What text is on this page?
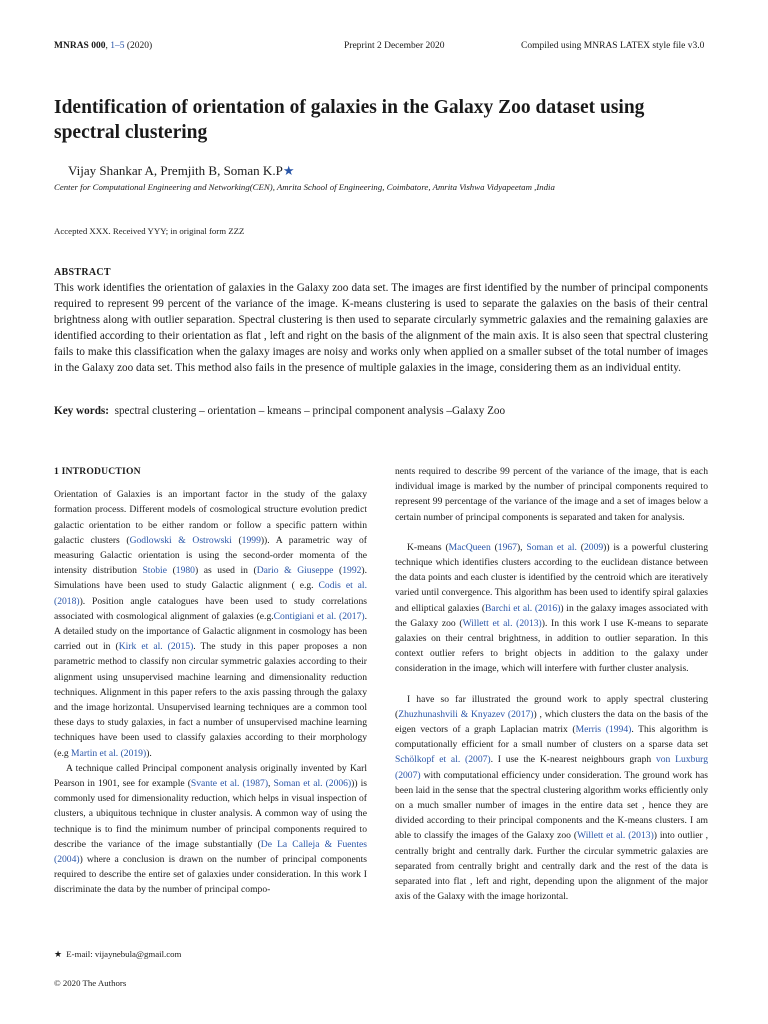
MNRAS 000, 1–5 (2020)	Preprint 2 December 2020	Compiled using MNRAS LATEX style file v3.0
Identification of orientation of galaxies in the Galaxy Zoo dataset using spectral clustering
Vijay Shankar A, Premjith B, Soman K.P★
Center for Computational Engineering and Networking(CEN), Amrita School of Engineering, Coimbatore, Amrita Vishwa Vidyapeetam ,India
Accepted XXX. Received YYY; in original form ZZZ
ABSTRACT

This work identifies the orientation of galaxies in the Galaxy zoo data set. The images are first identified by the number of principal components required to represent 99 percent of the variance of the image. K-means clustering is used to separate the galaxies on the basis of their central brightness along with outlier separation. Spectral clustering is then used to separate circularly symmetric galaxies and the remaining galaxies are identified according to their orientation as flat , left and right on the basis of the alignment of the main axis. It is also seen that spectral clustering fails to make this classification when the galaxy images are noisy and works only when applied on a smaller subset of the total number of images in the Galaxy zoo data set. This method also fails in the presence of multiple galaxies in the image, considering them as an individual entity.

Key words: spectral clustering – orientation – kmeans – principal component analysis –Galaxy Zoo

1 INTRODUCTION

Orientation of Galaxies is an important factor in the study of the galaxy formation process. Different models of cosmological structure evolution predict galactic orientation to be either random or follow a specific pattern within galactic clusters (Godlowski & Ostrowski (1999)). A parametric way of measuring Galactic orientation is using the second-order momenta of the intensity distribution Stobie (1980) as used in (Dario & Giuseppe (1992). Simulations have been used to study Galactic alignment ( e.g. Codis et al. (2018)). Position angle catalogues have been used to study correlations associated with cosmological alignment of galaxies (e.g.Contigiani et al. (2017). A detailed study on the importance of Galactic alignment in cosmology has been carried out in (Kirk et al. (2015). The study in this paper proposes a non parametric method to classify non circular symmetric galaxies according to their alignment using unsupervised machine learning and dimensionality reduction techniques. Alignment in this paper refers to the axis passing through the galaxy and the image horizontal. Unsupervised learning techniques are a common tool these days to study galaxies, in fact a number of unsupervised machine learning techniques have been used to classify galaxies according to their morphology (e.g Martin et al. (2019)).

A technique called Principal component analysis originally invented by Karl Pearson in 1901, see for example (Svante et al. (1987), Soman et al. (2006))) is commonly used for dimensionality reduction, which helps in visual inspection of clusters, a ubiquitous technique in cluster analysis. A common way of using the technique is to find the minimum number of principal components required to describe the variance of the image substantially (De La Calleja & Fuentes (2004)) where a conclusion is drawn on the number of principal components required to describe the entire set of galaxies under consideration. In this work I discriminate the data by the number of principal compo-

nents required to describe 99 percent of the variance of the image, that is each individual image is marked by the number of principal components required to represent 99 percentage of the variance of the image and a set of images below a certain number of principal components is separated and taken for analysis.

K-means (MacQueen (1967), Soman et al. (2009)) is a powerful clustering technique which identifies clusters according to the euclidean distance between the data points and each cluster is identified by the centroid which are iteratively varied until convergence. This algorithm has been used to identify spiral galaxies and elliptical galaxies (Barchi et al. (2016)) in the galaxy images associated with the Galaxy zoo (Willett et al. (2013)). In this work I use K-means to separate galaxies on their central brightness, in addition to outlier separation. In this context outlier refers to bright objects in addition to the galaxy under consideration in the image, which will interfere with further cluster analysis.

I have so far illustrated the ground work to apply spectral clustering (Zhuzhunashvili & Knyazev (2017)) , which clusters the data on the basis of the eigen vectors of a graph Laplacian matrix (Merris (1994). This algorithm is computationally efficient for a small number of clusters on a sparse data set Schölkopf et al. (2007). I use the K-nearest neighbours graph von Luxburg (2007) with computational efficiency under consideration. The ground work has been laid in the sense that the spectral clustering algorithm works efficiently only on a much smaller number of images in the entire data set , hence they are divided according to their principal components and the K-means clusters. I am able to classify the images of the Galaxy zoo (Willett et al. (2013)) into outlier , centrally bright and centrally dark. Further the circular symmetric galaxies are separated from centrally bright and centrally dark and the rest of the data is separated into flat , left and right, depending upon the alignment of the major axis of the Galaxy with the image horizontal.

★ E-mail: vijaynebula@gmail.com
© 2020 The Authors
